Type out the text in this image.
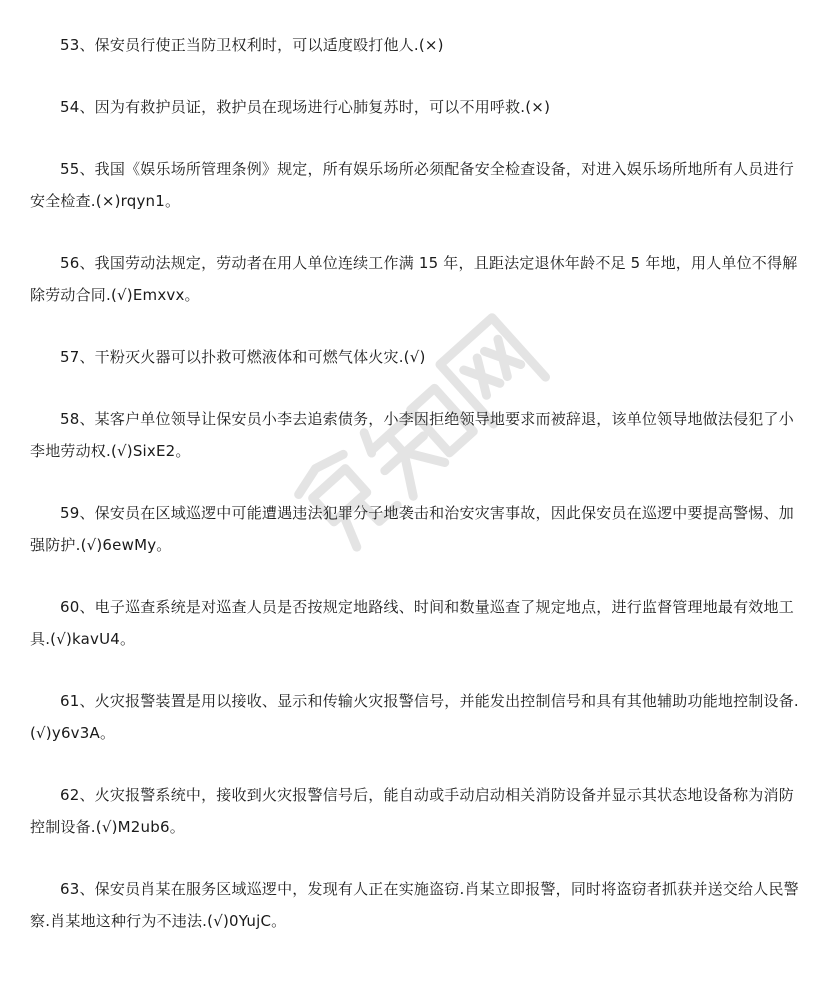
53、保安员行使正当防卫权利时，可以适度殴打他人.(×)

54、因为有救护员证，救护员在现场进行心肺复苏时，可以不用呼救.(×)

55、我国《娱乐场所管理条例》规定，所有娱乐场所必须配备安全检查设备，对进入娱乐场所地所有人员进行安全检查.(×)rqyn1。

56、我国劳动法规定，劳动者在用人单位连续工作满 15 年，且距法定退休年龄不足 5 年地，用人单位不得解除劳动合同.(√)Emxvx。

57、干粉灭火器可以扑救可燃液体和可燃气体火灾.(√)

58、某客户单位领导让保安员小李去追索债务，小李因拒绝领导地要求而被辞退，该单位领导地做法侵犯了小李地劳动权.(√)SixE2。

59、保安员在区域巡逻中可能遭遇违法犯罪分子地袭击和治安灾害事故，因此保安员在巡逻中要提高警惕、加强防护.(√)6ewMy。

60、电子巡查系统是对巡查人员是否按规定地路线、时间和数量巡查了规定地点，进行监督管理地最有效地工具.(√)kavU4。

61、火灾报警装置是用以接收、显示和传输火灾报警信号，并能发出控制信号和具有其他辅助功能地控制设备.(√)y6v3A。

62、火灾报警系统中，接收到火灾报警信号后，能自动或手动启动相关消防设备并显示其状态地设备称为消防控制设备.(√)M2ub6。

63、保安员肖某在服务区域巡逻中，发现有人正在实施盗窃.肖某立即报警，同时将盗窃者抓获并送交给人民警察.肖某地这种行为不违法.(√)0YujC。
